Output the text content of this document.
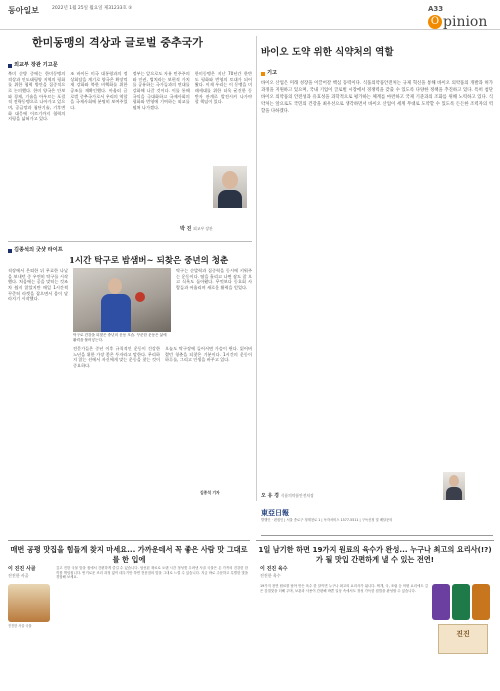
동아일보	2022년 1월 25일 월요일 제31233호 ⑤	A33
O pinion
한미동맹의 격상과 글로벌 중추국가
외교부 장관 기고문

북미 순방 중에는 한미동맹의 격상과 인도태평양 지역의 평화를 위한 협력 방안을 집중적으로 논의했다. 한미 양국은 안보와 경제, 기술을 아우르는 포괄적 전략동맹으로 나아가고 있으며, 공급망과 첨단기술, 기후변화 대응에 이르기까지 협력의 지평을 넓혀가고 있다.

조 바이든 미국 대통령과의 정상회담을 계기로 양국은 확장억제 강화와 북한 비핵화를 위한 공조를 재확인했다. 아울러 글로벌 중추국가로서 우리의 역할을 국제사회에 분명히 보여주었다.

정부는 앞으로도 자유 민주주의와 인권, 법치라는 보편적 가치를 공유하는 국가들과의 연대를 강화해 나갈 것이다. 이를 통해 국익을 극대화하고 국제사회의 평화와 번영에 기여하는 외교를 펼쳐 나가겠다.

한미동맹은 지난 70년간 한반도 평화와 번영의 토대가 되어 왔다. 이제 우리는 이 동맹을 미래세대를 위한 더욱 굳건한 동반자 관계로 발전시켜 나가야 할 책임이 있다.

박 진 외교부 장관
바이오 도약 위한 식약처의 역할
기고

바이오 산업은 미래 성장을 이끌어갈 핵심 동력이다. 식품의약품안전처는 규제 혁신을 통해 바이오 의약품의 개발과 허가 과정을 지원하고 있으며, 국내 기업이 글로벌 시장에서 경쟁력을 갖출 수 있도록 다양한 정책을 추진하고 있다. 특히 첨단 바이오 의약품의 안전성과 유효성을 과학적으로 평가하는 체계를 마련하고 국제 기준과의 조화를 위해 노력하고 있다. 식약처는 앞으로도 국민의 건강을 최우선으로 생각하면서 바이오 산업이 세계 무대로 도약할 수 있도록 든든한 조력자의 역할을 다하겠다.

오 유 경 식품의약품안전처장
김종석의 굿샷 라이프
1시간 탁구로 밤샘버~ 되찾은 중년의 청춘

직장에서 은퇴한 뒤 무료한 나날을 보내던 중 우연히 탁구를 시작했다. 처음에는 공을 맞히는 것조차 쉽지 않았지만 매일 1시간씩 꾸준히 라켓을 잡으면서 몸이 달라지기 시작했다.

탁구로 건강을 되찾은 중년의 운동 모습. 꾸준한 운동은 삶에 활력을 불어넣는다.

탁구는 순발력과 집중력을 동시에 키워주는 운동이다. 땀을 흘리고 나면 잠도 잘 오고 식욕도 돌아왔다. 무엇보다 동호회 사람들과 어울리며 새로운 활력을 얻었다.

전문가들은 중년 이후 규칙적인 운동이 건강한 노년을 위한 가장 좋은 투자라고 말한다. 무리하지 않는 선에서 자신에게 맞는 운동을 찾는 것이 중요하다.

오늘도 탁구장에 들어서면 가슴이 뛴다. 잃어버렸던 청춘을 되찾은 기분이다. 1시간의 운동이 하루를, 그리고 인생을 바꾸고 있다.

김종석 기자
東亞日報
발행인 · 편집인 | 서울 종로구 청계천로 1 | 독자서비스 1577-5511 | 구독신청 및 배달문의
매번 공평 맛집을 힘들게 찾지 마세요... 가까운데서 꼭 좋은 사람 맛 그대로를 한 입에
이 진진 사골
진진한 사골
진진한 사골 국물
깊고 진한 국물 맛을 집에서 간편하게 즐길 수 있습니다. 엄선된 재료로 오랜 시간 정성껏 우려낸 사골 국물은 온 가족의 건강한 한 끼를 책임집니다. 번거로운 조리 과정 없이 데우기만 하면 전문점의 맛을 그대로 느낄 수 있습니다. 지금 바로 주문하고 특별한 맛을 경험해 보세요.
1일 남기한 하면 19가지 원료의 육수가 완성... 누구나 최고의 요리사(!?)가 될 맛입 간편하게 낼 수 있는 전연!
이 진진 육수
진진한 육수
19가지 천연 원료를 담아 만든 육수 한 알이면 누구나 최고의 요리사가 됩니다. 찌개, 국, 조림 등 어떤 요리에도 깊은 감칠맛을 더해 주며, 보관과 사용이 간편해 바쁜 일상 속에서도 정성 가득한 집밥을 완성할 수 있습니다.
진진
